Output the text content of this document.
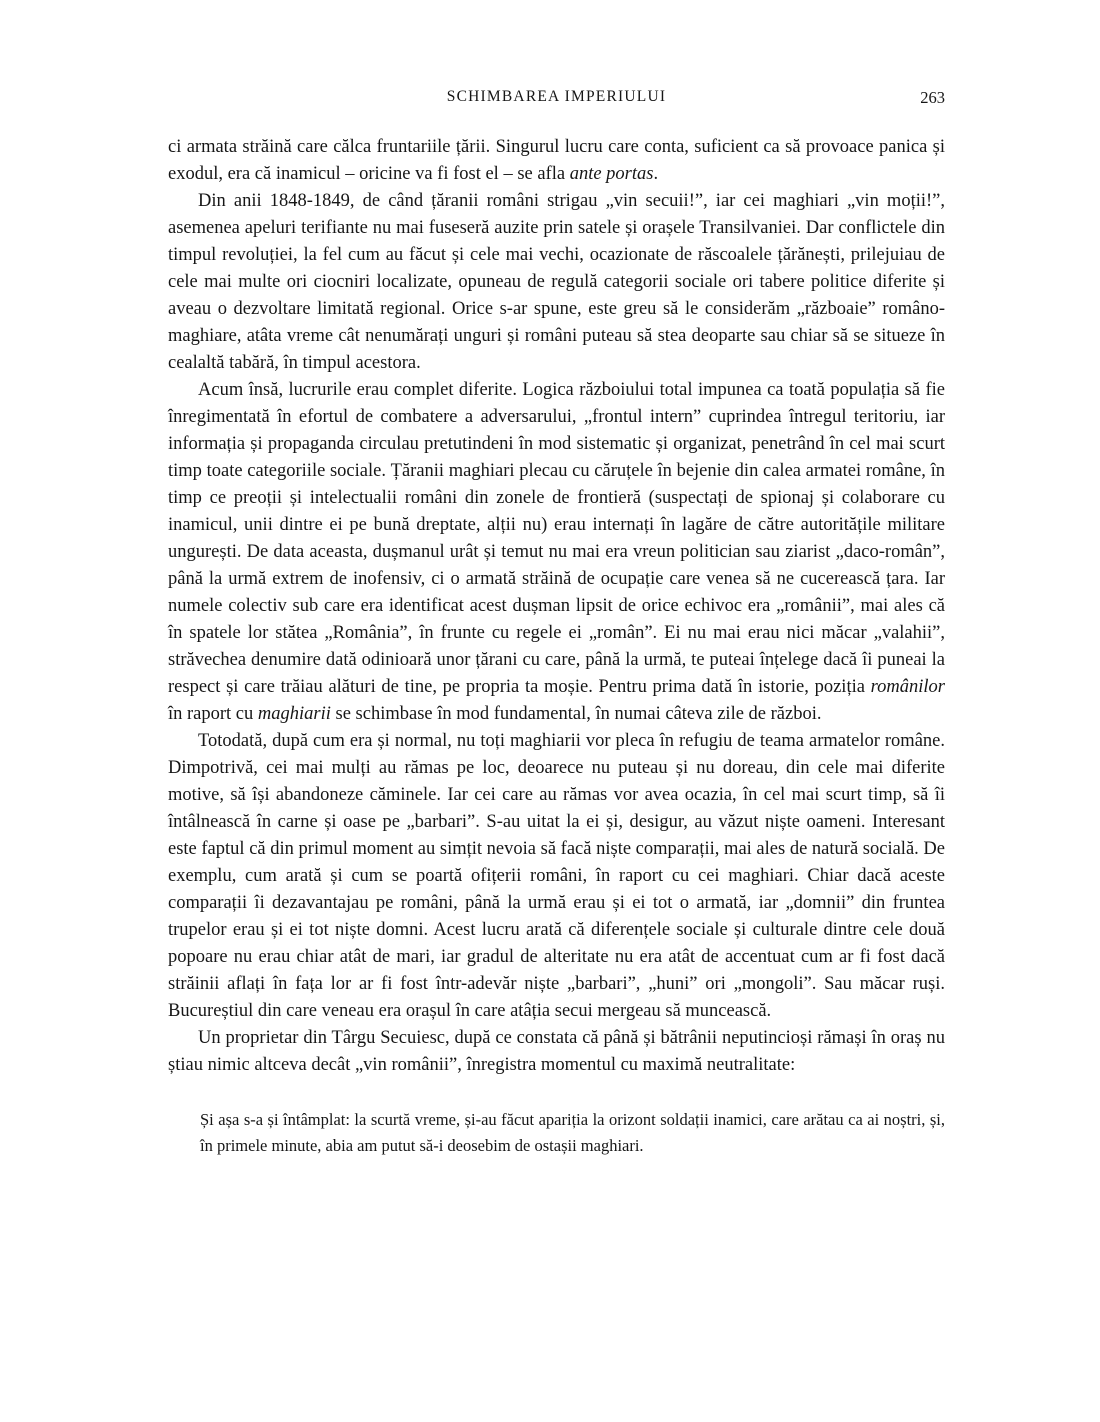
SCHIMBAREA IMPERIULUI	263

ci armata străină care călca fruntariile țării. Singurul lucru care conta, suficient ca să provoace panica și exodul, era că inamicul – oricine va fi fost el – se afla ante portas.

Din anii 1848-1849, de când țăranii români strigau „vin secuii!”, iar cei maghiari „vin moții!”, asemenea apeluri terifiante nu mai fuseseră auzite prin satele și orașele Transilvaniei. Dar conflictele din timpul revoluției, la fel cum au făcut și cele mai vechi, ocazionate de răscoalele țărănești, prilejuiau de cele mai multe ori ciocniri localizate, opuneau de regulă categorii sociale ori tabere politice diferite și aveau o dezvoltare limitată regional. Orice s-ar spune, este greu să le considerăm „războaie” româno-maghiare, atâta vreme cât nenumărați unguri și români puteau să stea deoparte sau chiar să se situeze în cealaltă tabără, în timpul acestora.

Acum însă, lucrurile erau complet diferite. Logica războiului total impunea ca toată populația să fie înregimentată în efortul de combatere a adversarului, „frontul intern” cuprindea întregul teritoriu, iar informația și propaganda circulau pretutindeni în mod sistematic și organizat, penetrând în cel mai scurt timp toate categoriile sociale. Țăranii maghiari plecau cu căruțele în bejenie din calea armatei române, în timp ce preoții și intelectualii români din zonele de frontieră (suspectați de spionaj și colaborare cu inamicul, unii dintre ei pe bună dreptate, alții nu) erau internați în lagăre de către autoritățile militare ungurești. De data aceasta, dușmanul urât și temut nu mai era vreun politician sau ziarist „daco-român”, până la urmă extrem de inofensiv, ci o armată străină de ocupație care venea să ne cucerească țara. Iar numele colectiv sub care era identificat acest dușman lipsit de orice echivoc era „românii”, mai ales că în spatele lor stătea „România”, în frunte cu regele ei „român”. Ei nu mai erau nici măcar „valahii”, străvechea denumire dată odinioară unor țărani cu care, până la urmă, te puteai înțelege dacă îi puneai la respect și care trăiau alături de tine, pe propria ta moșie. Pentru prima dată în istorie, poziția românilor în raport cu maghiarii se schimbase în mod fundamental, în numai câteva zile de război.

Totodată, după cum era și normal, nu toți maghiarii vor pleca în refugiu de teama armatelor române. Dimpotrivă, cei mai mulți au rămas pe loc, deoarece nu puteau și nu doreau, din cele mai diferite motive, să își abandoneze căminele. Iar cei care au rămas vor avea ocazia, în cel mai scurt timp, să îi întâlnească în carne și oase pe „barbari”. S-au uitat la ei și, desigur, au văzut niște oameni. Interesant este faptul că din primul moment au simțit nevoia să facă niște comparații, mai ales de natură socială. De exemplu, cum arată și cum se poartă ofițerii români, în raport cu cei maghiari. Chiar dacă aceste comparații îi dezavantajau pe români, până la urmă erau și ei tot o armată, iar „domnii” din fruntea trupelor erau și ei tot niște domni. Acest lucru arată că diferențele sociale și culturale dintre cele două popoare nu erau chiar atât de mari, iar gradul de alteritate nu era atât de accentuat cum ar fi fost dacă străinii aflați în fața lor ar fi fost într-adevăr niște „barbari”, „huni” ori „mongoli”. Sau măcar ruși. Bucureștiul din care veneau era orașul în care atâția secui mergeau să muncească.

Un proprietar din Târgu Secuiesc, după ce constata că până și bătrânii neputincioși rămași în oraș nu știau nimic altceva decât „vin românii”, înregistra momentul cu maximă neutralitate:

Și așa s-a și întâmplat: la scurtă vreme, și-au făcut apariția la orizont soldații inamici, care arătau ca ai noștri, și, în primele minute, abia am putut să-i deosebim de ostașii maghiari.
